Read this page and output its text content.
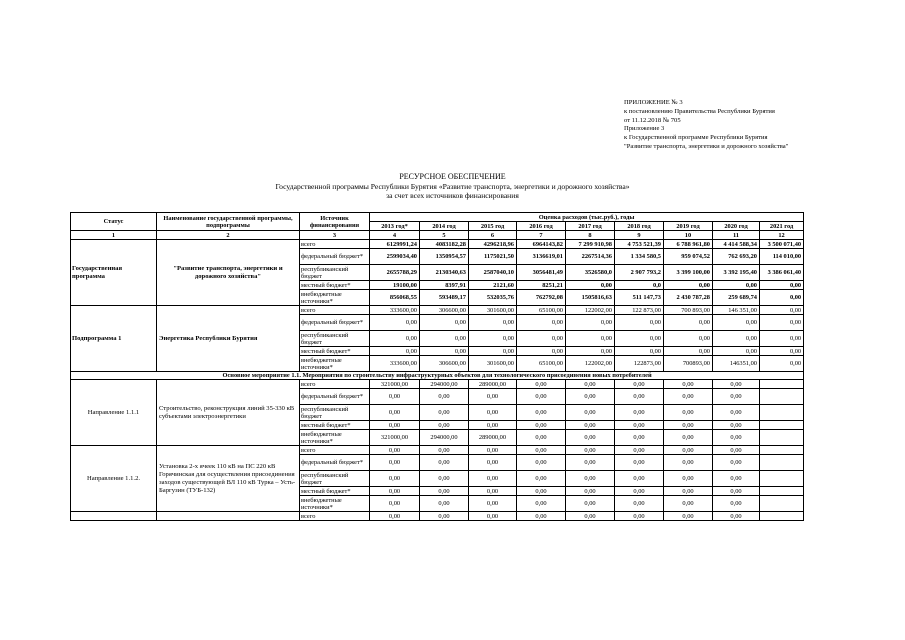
ПРИЛОЖЕНИЕ № 3
к постановлению Правительства Республики Бурятия
от 11.12.2018 № 705
Приложение 3
к Государственной программе Республики Бурятия
"Развитие транспорта, энергетики и дорожного хозяйства"
РЕСУРСНОЕ ОБЕСПЕЧЕНИЕ
Государственной программы Республики Бурятия «Развитие транспорта, энергетики и дорожного хозяйства»
за счет всех источников финансирования
Статус	Наименование государственной программы, подпрограммы	Источник финансирования	Оценка расходов (тыс.руб.), годы								
			2013 год*	2014 год	2015 год	2016 год	2017 год	2018 год	2019 год	2020 год	2021 год
1	2	3	4	5	6	7	8	9	10	11	12
Государственная программа	"Развитие транспорта, энергетики и дорожного хозяйства"	всего	6129991,24	4083182,28	4296218,96	6964143,82	7 299 910,98	4 753 521,39	6 788 961,80	4 414 588,34	3 500 071,40
		федеральный бюджет*	2599034,40	1350954,57	1175021,50	3136619,01	2267514,36	1 334 580,5	959 074,52	762 693,20	114 010,00
		республиканский бюджет	2655788,29	2130340,63	2587040,10	3056481,49	3526580,0	2 907 793,2	3 399 100,00	3 392 195,40	3 386 061,40
		местный бюджет*	19100,00	8397,91	2121,60	8251,21	0,00	0,0	0,00	0,00	0,00
		внебюджетные источники*	856068,55	593489,17	532035,76	762792,08	1505816,63	511 147,73	2 430 787,28	259 689,74	0,00
Подпрограмма 1	Энергетика Республики Бурятия	всего	333600,00	306600,00	301600,00	65100,00	122002,00	122 873,00	700 893,00	146 351,00	0,00
		федеральный бюджет*	0,00	0,00	0,00	0,00	0,00	0,00	0,00	0,00	0,00
		республиканский бюджет	0,00	0,00	0,00	0,00	0,00	0,00	0,00	0,00	0,00
		местный бюджет*	0,00	0,00	0,00	0,00	0,00	0,00	0,00	0,00	0,00
		внебюджетные источники*	333600,00	306600,00	301600,00	65100,00	122002,00	122873,00	700893,00	146351,00	0,00
Основное мероприятие 1.1. Мероприятия по строительству инфраструктурных объектов для технологического присоединения новых потребителей											
Направление 1.1.1	Строительство, реконструкция линий 35-330 кВ субъектами электроэнергетики	всего	321000,00	294000,00	289000,00	0,00	0,00	0,00	0,00	0,00	
		федеральный бюджет*	0,00	0,00	0,00	0,00	0,00	0,00	0,00	0,00	
		республиканский бюджет	0,00	0,00	0,00	0,00	0,00	0,00	0,00	0,00	
		местный бюджет*	0,00	0,00	0,00	0,00	0,00	0,00	0,00	0,00	
		внебюджетные источники*	321000,00	294000,00	289000,00	0,00	0,00	0,00	0,00	0,00	
Направление 1.1.2.	Установка 2-х ячеек 110 кВ на ПС 220 кВ Горячинская для осуществления присоединения заходов существующей ВЛ 110 кВ Турка – Усть-Баргузин (ТУБ-132)	всего	0,00	0,00	0,00	0,00	0,00	0,00	0,00	0,00	
		федеральный бюджет*	0,00	0,00	0,00	0,00	0,00	0,00	0,00	0,00	
		республиканский бюджет	0,00	0,00	0,00	0,00	0,00	0,00	0,00	0,00	
		местный бюджет*	0,00	0,00	0,00	0,00	0,00	0,00	0,00	0,00	
		внебюджетные источники*	0,00	0,00	0,00	0,00	0,00	0,00	0,00	0,00	
		всего	0,00	0,00	0,00	0,00	0,00	0,00	0,00	0,00	
